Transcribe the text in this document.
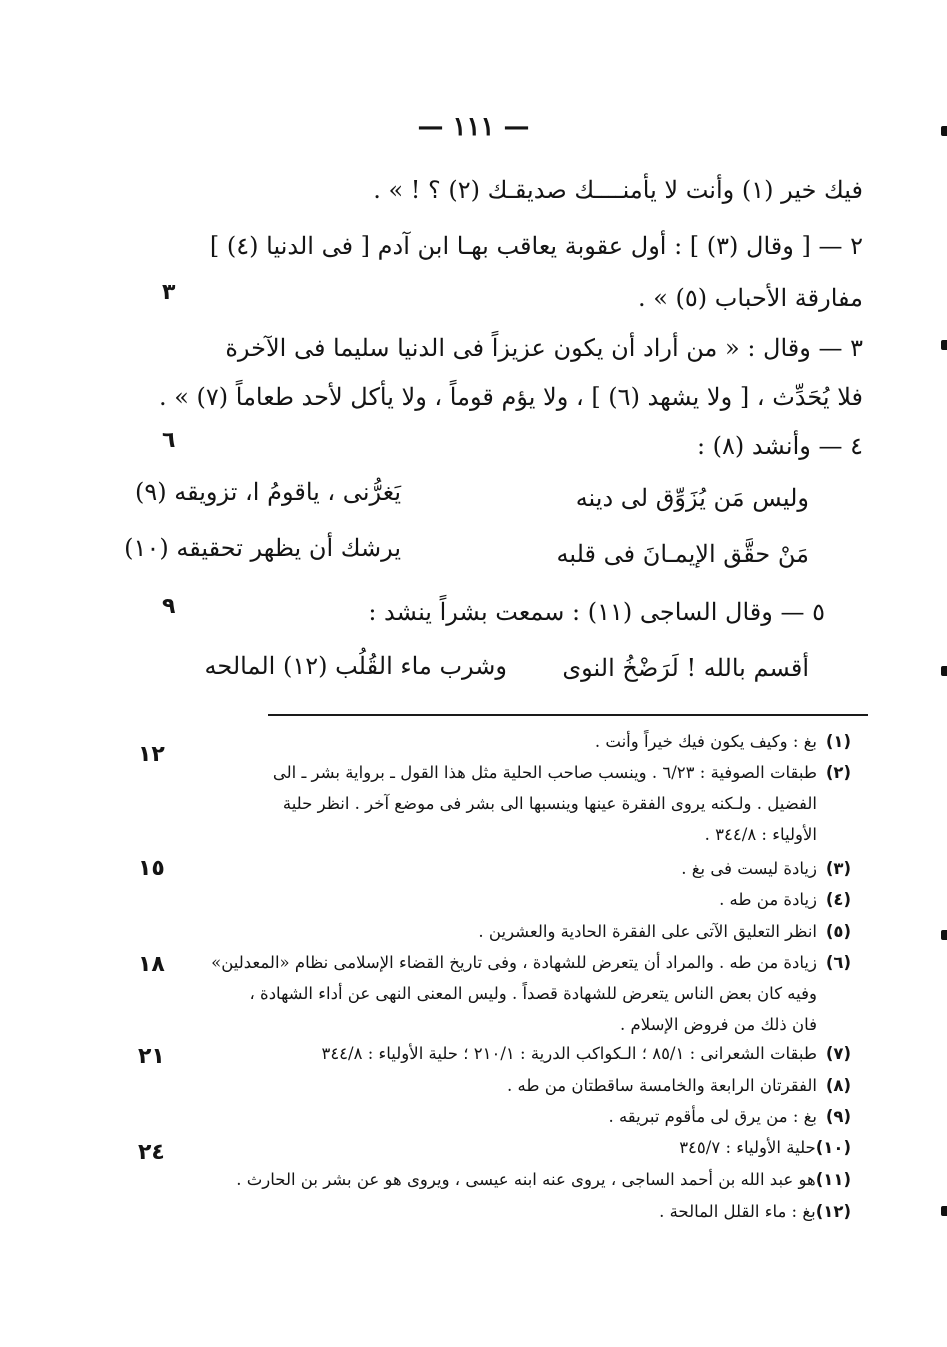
— ١١١ —
فيك خير (١) وأنت لا يأمنــــك صديقـك (٢) ؟ ! » .
٢ — [ وقال (٣) ] : أول عقوبة يعاقب بهـا ابن آدم [ فى الدنيا (٤) ]
مفارقة الأحباب (٥) » .
٣ — وقال : « من أراد أن يكون عزيزاً فى الدنيا سليما فى الآخرة
فلا يُحَدِّث ، [ ولا يشهد (٦) ] ، ولا يؤم قوماً ، ولا يأكل لأحد طعاماً (٧) » .
٤ — وأنشد (٨) :
وليس مَن يُزَوِّق لى دينه
يَغرُّنى ، ياقومُ ا، تزويقه (٩)
مَنْ حقَّق الإيمـانَ فى قلبه
يرشك أن يظهر تحقيقه (١٠)
٥ — وقال الساجى (١١) : سمعت بشراً ينشد :
أقسم بالله ! لَرَضْخُ النوى
وشرب ماء القُلُب (١٢) المالحه
٣
٦
٩
(١)بغ : وكيف يكون فيك خيراً وأنت .
(٢)طبقات الصوفية : ٦/٢٣ . وينسب صاحب الحلية مثل هذا القول ـ برواية بشر ـ الى
الفضيل . ولـكنه يروى الفقرة عينها وينسبها الى بشر فى موضع آخر . انظر حلية
الأولياء : ٣٤٤/٨ .
(٣)زيادة ليست فى بغ .
(٤)زيادة من طه .
(٥)انظر التعليق الآتى على الفقرة الحادية والعشرين .
(٦)زيادة من طه . والمراد أن يتعرض للشهادة ، وفى تاريخ القضاء الإسلامى نظام «المعدلين»
وفيه كان بعض الناس يتعرض للشهادة قصداً . وليس المعنى النهى عن أداء الشهادة ،
فان ذلك من فروض الإسلام .
(٧)طبقات الشعرانى : ٨٥/١ ؛ الـكواكب الدرية : ٢١٠/١ ؛ حلية الأولياء : ٣٤٤/٨
(٨)الفقرتان الرابعة والخامسة ساقطتان من طه .
(٩)بغ : من يرق لى مأقوم تبريقه .
(١٠)حلية الأولياء : ٣٤٥/٧
(١١)هو عبد الله بن أحمد الساجى ، يروى عنه ابنه عيسى ، ويروى هو عن بشر بن الحارث .
(١٢)بغ : ماء القلل المالحة .
١٢
١٥
١٨
٢١
٢٤
